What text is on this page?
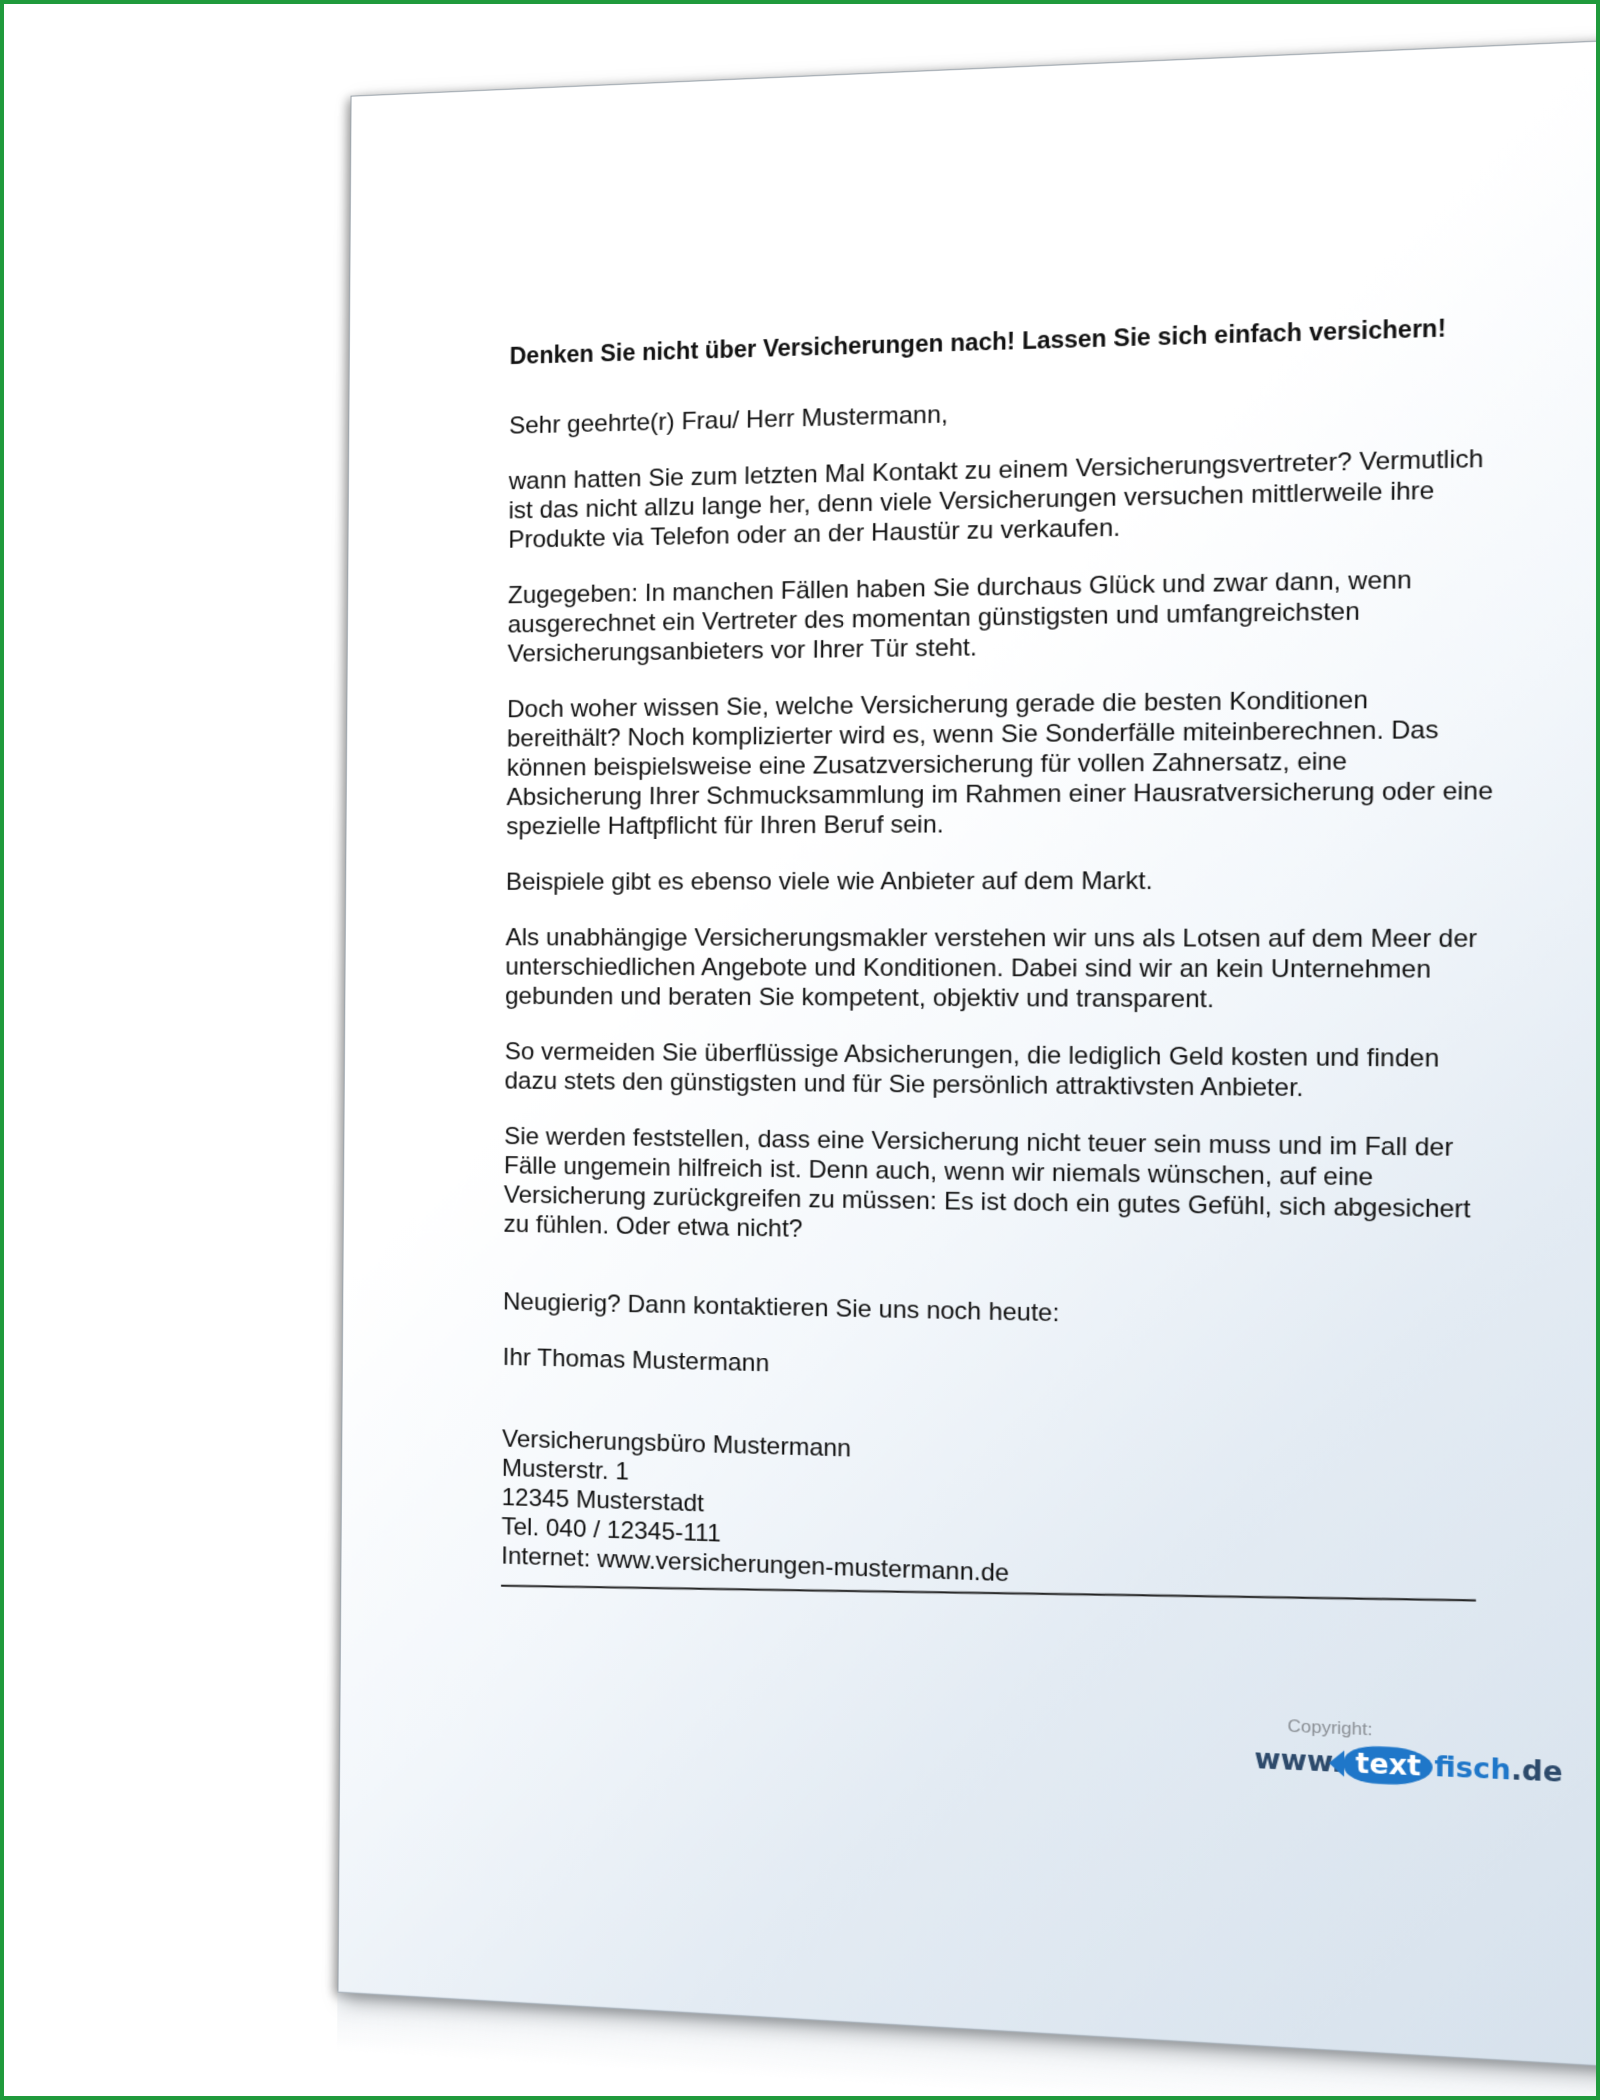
Denken Sie nicht über Versicherungen nach! Lassen Sie sich einfach versichern!

Sehr geehrte(r) Frau/ Herr Mustermann,

wann hatten Sie zum letzten Mal Kontakt zu einem Versicherungsvertreter? Vermutlich ist das nicht allzu lange her, denn viele Versicherungen versuchen mittlerweile ihre Produkte via Telefon oder an der Haustür zu verkaufen.

Zugegeben: In manchen Fällen haben Sie durchaus Glück und zwar dann, wenn ausgerechnet ein Vertreter des momentan günstigsten und umfangreichsten Versicherungsanbieters vor Ihrer Tür steht.

Doch woher wissen Sie, welche Versicherung gerade die besten Konditionen bereithält? Noch komplizierter wird es, wenn Sie Sonderfälle miteinberechnen. Das können beispielsweise eine Zusatzversicherung für vollen Zahnersatz, eine Absicherung Ihrer Schmucksammlung im Rahmen einer Hausratversicherung oder eine spezielle Haftpflicht für Ihren Beruf sein.

Beispiele gibt es ebenso viele wie Anbieter auf dem Markt.

Als unabhängige Versicherungsmakler verstehen wir uns als Lotsen auf dem Meer der unterschiedlichen Angebote und Konditionen. Dabei sind wir an kein Unternehmen gebunden und beraten Sie kompetent, objektiv und transparent.

So vermeiden Sie überflüssige Absicherungen, die lediglich Geld kosten und finden dazu stets den günstigsten und für Sie persönlich attraktivsten Anbieter.

Sie werden feststellen, dass eine Versicherung nicht teuer sein muss und im Fall der Fälle ungemein hilfreich ist. Denn auch, wenn wir niemals wünschen, auf eine Versicherung zurückgreifen zu müssen: Es ist doch ein gutes Gefühl, sich abgesichert zu fühlen. Oder etwa nicht?

Neugierig? Dann kontaktieren Sie uns noch heute:

Ihr Thomas Mustermann

Versicherungsbüro Mustermann

Musterstr. 1

12345 Musterstadt

Tel. 040 / 12345-111

Internet: www.versicherungen-mustermann.de

Copyright:
www. text fisch .de
